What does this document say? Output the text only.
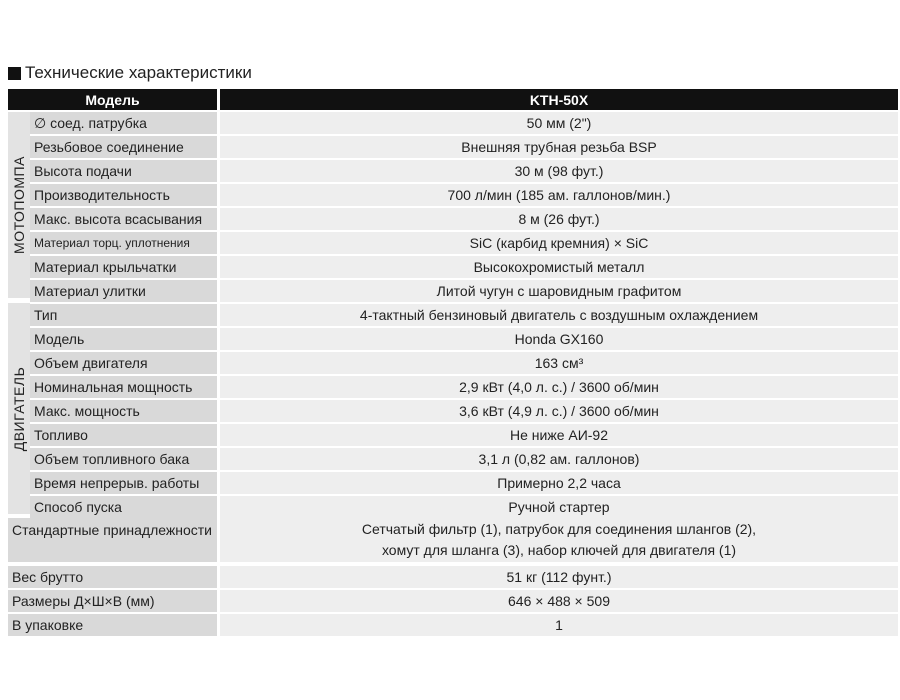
Технические характеристики
Модель	KTH-50X
МОТОПОМПА
ДВИГАТЕЛЬ
∅ соед. патрубка	50 мм (2")
Резьбовое соединение	Внешняя трубная резьба BSP
Высота подачи	30 м (98 фут.)
Производительность	700 л/мин (185 ам. галлонов/мин.)
Макс. высота всасывания	8 м (26 фут.)
Материал торц. уплотнения	SiC (карбид кремния) × SiC
Материал крыльчатки	Высокохромистый металл
Материал улитки	Литой чугун с шаровидным графитом
Тип	4-тактный бензиновый двигатель с воздушным охлаждением
Модель	Honda GX160
Объем двигателя	163 см³
Номинальная мощность	2,9 кВт (4,0 л. с.) / 3600 об/мин
Макс. мощность	3,6 кВт (4,9 л. с.) / 3600 об/мин
Топливо	Не ниже АИ-92
Объем топливного бака	3,1 л (0,82 ам. галлонов)
Время непрерыв. работы	Примерно 2,2 часа
Способ пуска	Ручной стартер
Стандартные принадлежности	Сетчатый фильтр (1), патрубок для соединения шлангов (2),
хомут для шланга (3), набор ключей для двигателя (1)
Вес брутто	51 кг (112 фунт.)
Размеры Д×Ш×В (мм)	646 × 488 × 509
В упаковке	1
